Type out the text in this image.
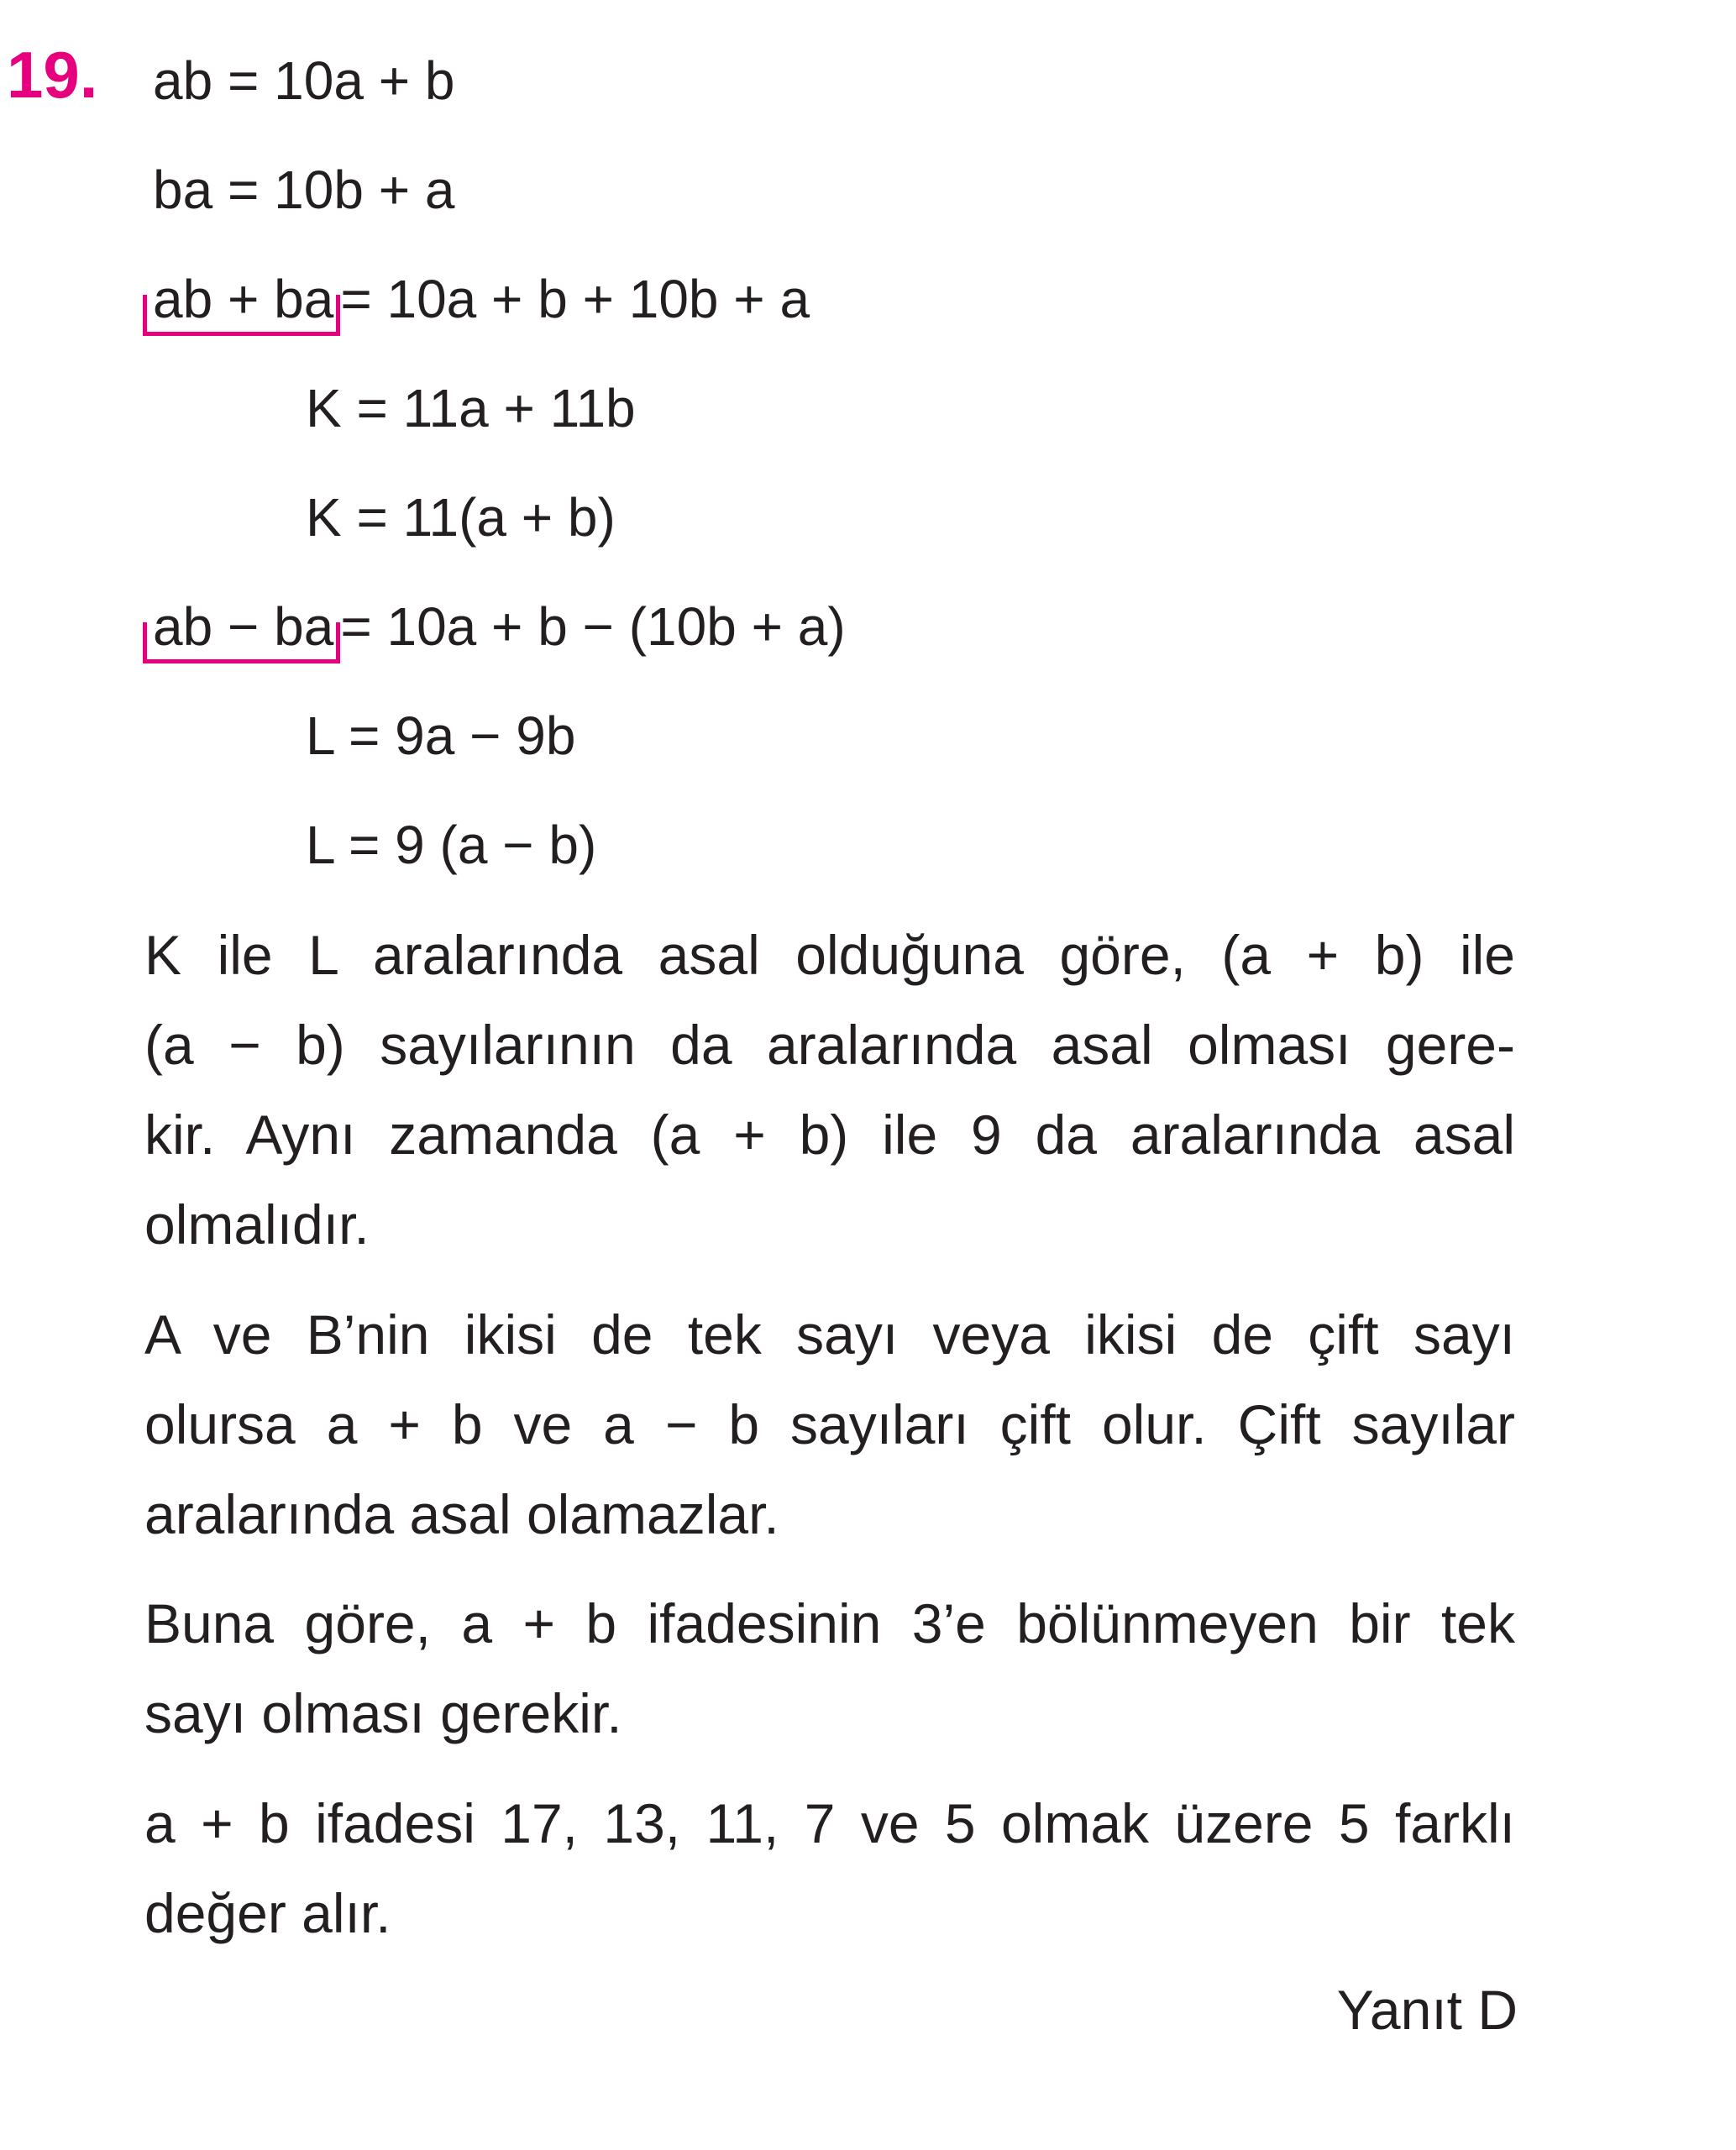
19. ab = 10a + b
ba = 10b + a
ab + ba = 10a + b + 10b + a
K = 11a + 11b
K = 11(a + b)
ab − ba = 10a + b − (10b + a)
L = 9a − 9b
L = 9 (a − b)
K ile L aralarında asal olduğuna göre, (a + b) ile
(a − b) sayılarının da aralarında asal olması gere-
kir. Aynı zamanda (a + b) ile 9 da aralarında asal
olmalıdır.
A ve B’nin ikisi de tek sayı veya ikisi de çift sayı
olursa a + b ve a − b sayıları çift olur. Çift sayılar
aralarında asal olamazlar.
Buna göre, a + b ifadesinin 3’e bölünmeyen bir tek
sayı olması gerekir.
a + b ifadesi 17, 13, 11, 7 ve 5 olmak üzere 5 farklı
değer alır.
Yanıt D
